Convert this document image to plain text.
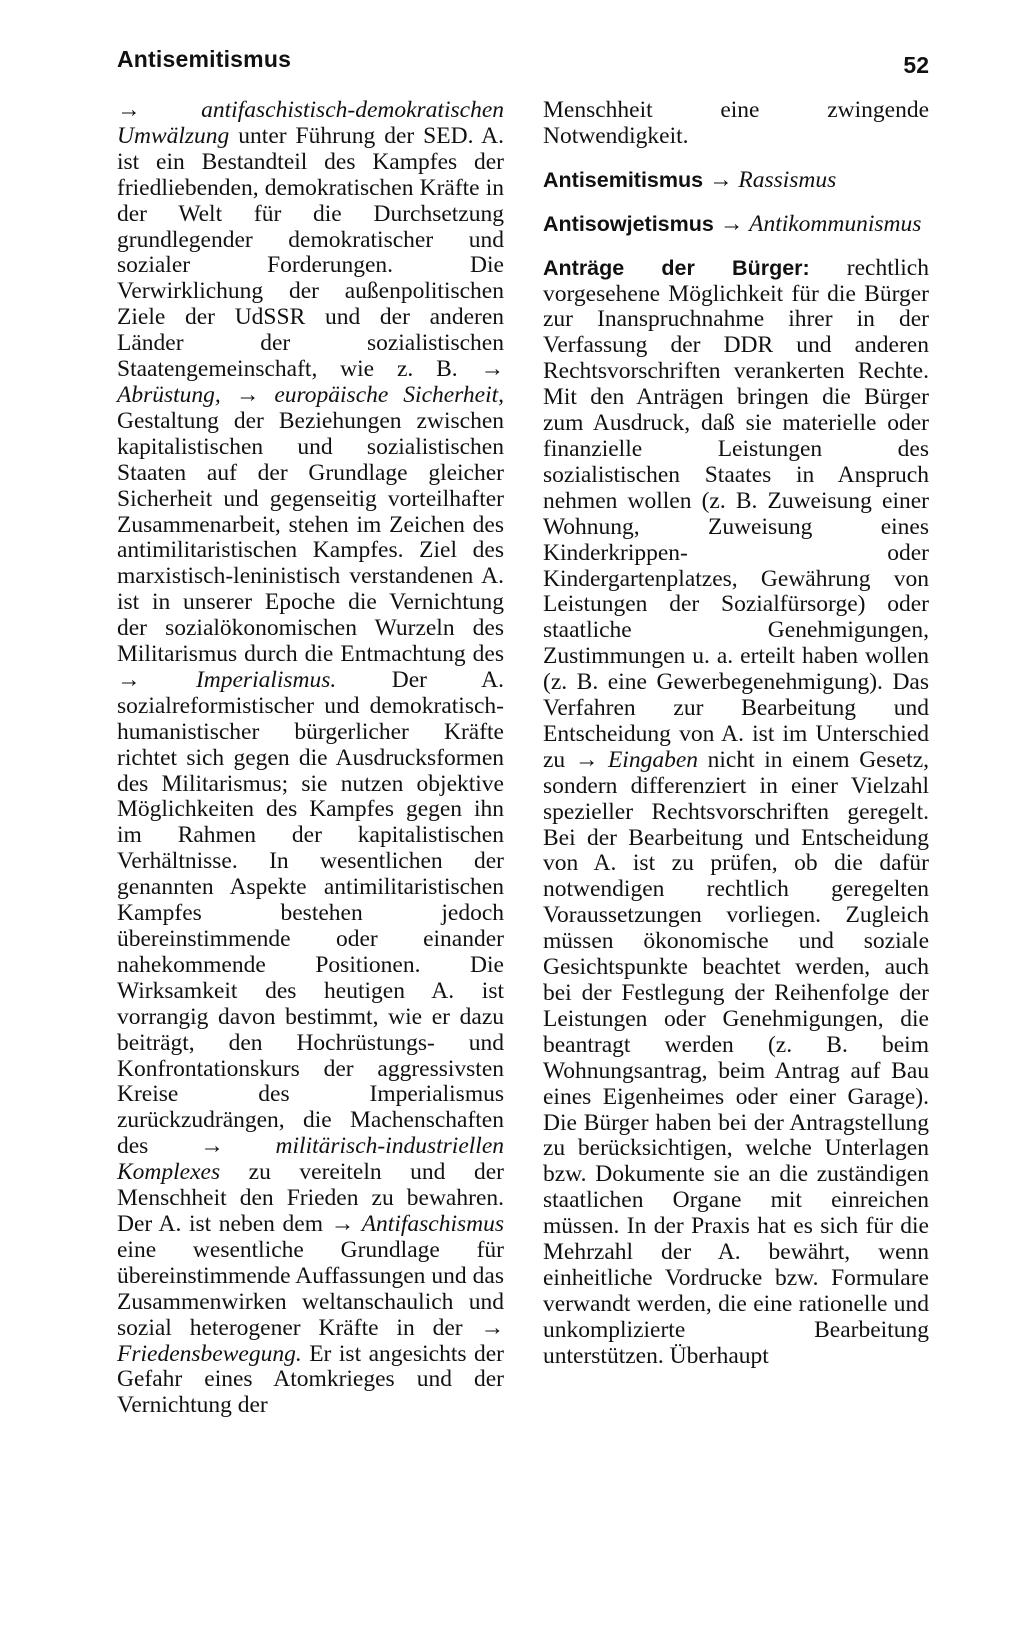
Antisemitismus	52

→	antifaschistisch-demokratischen Umwälzung unter Führung der SED. A. ist ein Bestandteil des Kampfes der friedliebenden, demokratischen Kräfte in der Welt für die Durchsetzung grundlegender demokratischer und sozialer Forderungen. Die Verwirklichung der außenpolitischen Ziele der UdSSR und der anderen Länder der sozialistischen Staatengemeinschaft, wie z. B. → Abrüstung, → europäische Sicherheit, Gestaltung der Beziehungen zwischen kapitalistischen und sozialistischen Staaten auf der Grundlage gleicher Sicherheit und gegenseitig vorteilhafter Zusammenarbeit, stehen im Zeichen des antimilitaristischen Kampfes. Ziel des marxistisch-leninistisch verstandenen A. ist in unserer Epoche die Vernichtung der sozialökonomischen Wurzeln des Militarismus durch die Entmachtung des → Imperialismus. Der A. sozialreformistischer und demokratisch-humanistischer bürgerlicher Kräfte richtet sich gegen die Ausdrucksformen des Militarismus; sie nutzen objektive Möglichkeiten des Kampfes gegen ihn im Rahmen der kapitalistischen Verhältnisse. In wesentlichen der genannten Aspekte antimilitaristischen Kampfes bestehen jedoch übereinstimmende oder einander nahekommende Positionen. Die Wirksamkeit des heutigen A. ist vorrangig davon bestimmt, wie er dazu beiträgt, den Hochrüstungs- und Konfrontationskurs der aggressivsten Kreise des Imperialismus zurückzudrängen, die Machenschaften des → militärisch-industriellen Komplexes zu vereiteln und der Menschheit den Frieden zu bewahren. Der A. ist neben dem → Antifaschismus eine wesentliche Grundlage für übereinstimmende Auffassungen und das Zusammenwirken weltanschaulich und sozial heterogener Kräfte in der → Friedensbewegung. Er ist angesichts der Gefahr eines Atomkrieges und der Vernichtung der

Menschheit eine zwingende Notwendigkeit.

Antisemitismus → Rassismus

Antisowjetismus → Antikommunismus

Anträge der Bürger: rechtlich vorgesehene Möglichkeit für die Bürger zur Inanspruchnahme ihrer in der Verfassung der DDR und anderen Rechtsvorschriften verankerten Rechte. Mit den Anträgen bringen die Bürger zum Ausdruck, daß sie materielle oder finanzielle Leistungen des sozialistischen Staates in Anspruch nehmen wollen (z. B. Zuweisung einer Wohnung, Zuweisung eines Kinderkrippen- oder Kindergartenplatzes, Gewährung von Leistungen der Sozialfürsorge) oder staatliche Genehmigungen, Zustimmungen u. a. erteilt haben wollen (z. B. eine Gewerbegenehmigung). Das Verfahren zur Bearbeitung und Entscheidung von A. ist im Unterschied zu → Eingaben nicht in einem Gesetz, sondern differenziert in einer Vielzahl spezieller Rechtsvorschriften geregelt. Bei der Bearbeitung und Entscheidung von A. ist zu prüfen, ob die dafür notwendigen rechtlich geregelten Voraussetzungen vorliegen. Zugleich müssen ökonomische und soziale Gesichtspunkte beachtet werden, auch bei der Festlegung der Reihenfolge der Leistungen oder Genehmigungen, die beantragt werden (z. B. beim Wohnungsantrag, beim Antrag auf Bau eines Eigenheimes oder einer Garage). Die Bürger haben bei der Antragstellung zu berücksichtigen, welche Unterlagen bzw. Dokumente sie an die zuständigen staatlichen Organe mit einreichen müssen. In der Praxis hat es sich für die Mehrzahl der A. bewährt, wenn einheitliche Vordrucke bzw. Formulare verwandt werden, die eine rationelle und unkomplizierte Bearbeitung unterstützen. Überhaupt
